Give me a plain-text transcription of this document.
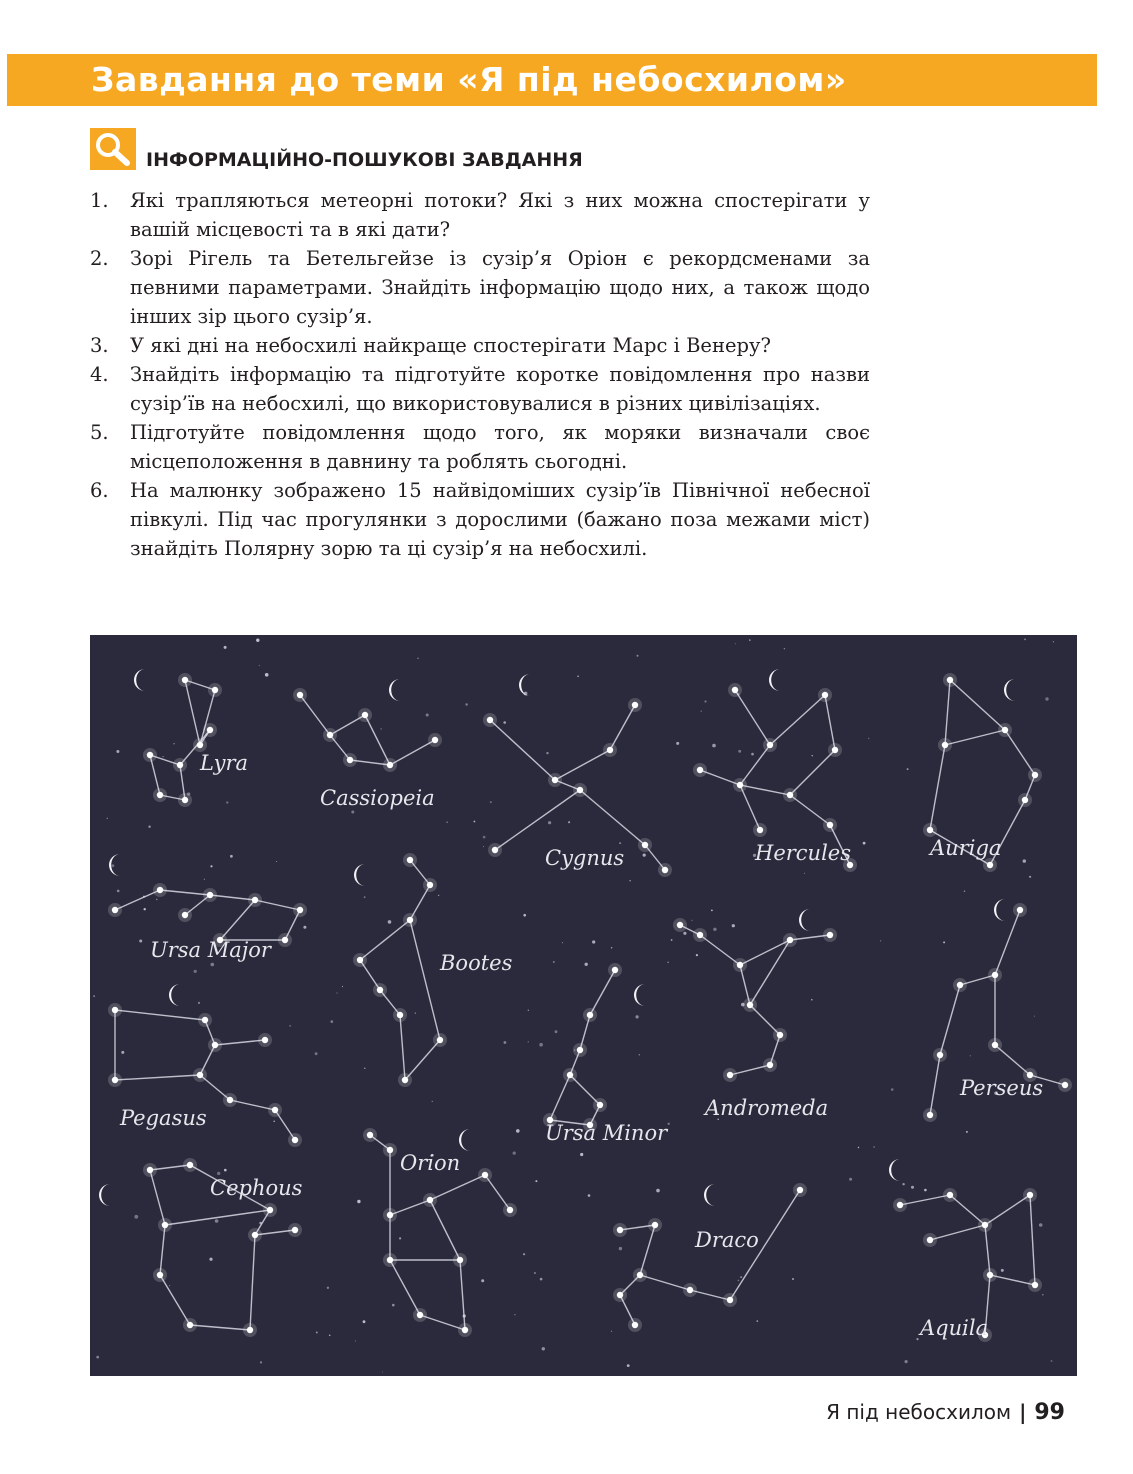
Завдання до теми «Я під небосхилом»
ІНФОРМАЦІЙНО-ПОШУКОВІ ЗАВДАННЯ
1. Які трапляються метеорні потоки? Які з них можна спостерігати у вашій місцевості та в які дати?
2. Зорі Рігель та Бетельгейзе із сузір’я Оріон є рекордсменами за певними параметрами. Знайдіть інформацію щодо них, а також щодо інших зір цього сузір’я.
3. У які дні на небосхилі найкраще спостерігати Марс і Венеру?
4. Знайдіть інформацію та підготуйте коротке повідомлення про назви сузір’їв на небосхилі, що використовувалися в різних цивілізаціях.
5. Підготуйте повідомлення щодо того, як моряки визначали своє місцеположення в давнину та роблять сьогодні.
6. На малюнку зображено 15 найвідоміших сузір’їв Північної небесної півкулі. Під час прогулянки з дорослими (бажано поза межами міст) знайдіть Полярну зорю та ці сузір’я на небосхилі.
Lyra
Cassiopeia
Cygnus	Hercules	Auriga
Ursa Major
Bootes
Ursa Minor
Andromeda
Perseus
Pegasus
Cephous
Orion
Draco
Aquila
Я під небосхилом | 99
